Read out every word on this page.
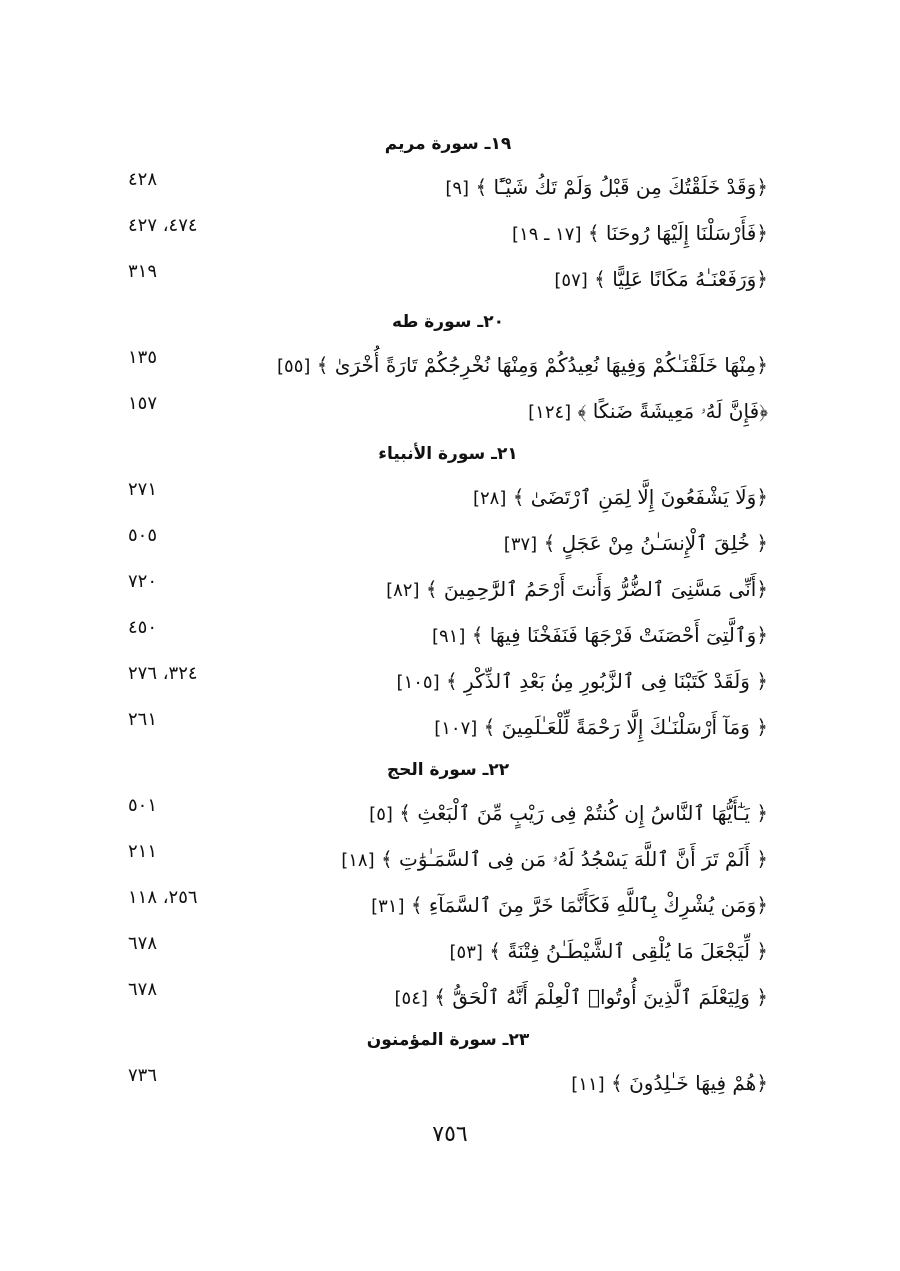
١٩ـ سورة مريم
﴿وَقَدْ خَلَقْتُكَ مِن قَبْلُ وَلَمْ تَكُ شَيْـًٔا ﴾ [٩]
٤٢٨
﴿فَأَرْسَلْنَا إِلَيْهَا رُوحَنَا ﴾ [١٧ ـ ١٩]
٤٧٤، ٤٢٧
﴿وَرَفَعْنَـٰهُ مَكَانًا عَلِيًّا ﴾ [٥٧]
٣١٩
٢٠ـ سورة طه
﴿مِنْهَا خَلَقْنَـٰكُمْ وَفِيهَا نُعِيدُكُمْ وَمِنْهَا نُخْرِجُكُمْ تَارَةً أُخْرَىٰ ﴾ [٥٥]
١٣٥
﴿فَإِنَّ لَهُۥ مَعِيشَةً ضَنكًا ﴾ [١٢٤]
١٥٧
٢١ـ سورة الأنبياء
﴿وَلَا يَشْفَعُونَ إِلَّا لِمَنِ ٱرْتَضَىٰ ﴾ [٢٨]
٢٧١
﴿ خُلِقَ ٱلْإِنسَـٰنُ مِنْ عَجَلٍ ﴾ [٣٧]
٥٠٥
﴿أَنِّى مَسَّنِىَ ٱلضُّرُّ وَأَنتَ أَرْحَمُ ٱلرَّٰحِمِينَ ﴾ [٨٢]
٧٢٠
﴿وَٱلَّتِىٓ أَحْصَنَتْ فَرْجَهَا فَنَفَخْنَا فِيهَا ﴾ [٩١]
٤٥٠
﴿ وَلَقَدْ كَتَبْنَا فِى ٱلزَّبُورِ مِنۢ بَعْدِ ٱلذِّكْرِ ﴾ [١٠٥]
٣٢٤، ٢٧٦
﴿ وَمَآ أَرْسَلْنَـٰكَ إِلَّا رَحْمَةً لِّلْعَـٰلَمِينَ ﴾ [١٠٧]
٢٦١
٢٢ـ سورة الحج
﴿ يَـٰٓأَيُّهَا ٱلنَّاسُ إِن كُنتُمْ فِى رَيْبٍ مِّنَ ٱلْبَعْثِ ﴾ [٥]
٥٠١
﴿ أَلَمْ تَرَ أَنَّ ٱللَّهَ يَسْجُدُ لَهُۥ مَن فِى ٱلسَّمَـٰوَٰتِ ﴾ [١٨]
٢١١
﴿وَمَن يُشْرِكْ بِٱللَّهِ فَكَأَنَّمَا خَرَّ مِنَ ٱلسَّمَآءِ ﴾ [٣١]
٢٥٦، ١١٨
﴿ لِّيَجْعَلَ مَا يُلْقِى ٱلشَّيْطَـٰنُ فِتْنَةً ﴾ [٥٣]
٦٧٨
﴿ وَلِيَعْلَمَ ٱلَّذِينَ أُوتُوا۟ ٱلْعِلْمَ أَنَّهُ ٱلْحَقُّ ﴾ [٥٤]
٦٧٨
٢٣ـ سورة المؤمنون
﴿هُمْ فِيهَا خَـٰلِدُونَ ﴾ [١١]
٧٣٦
٧٥٦
